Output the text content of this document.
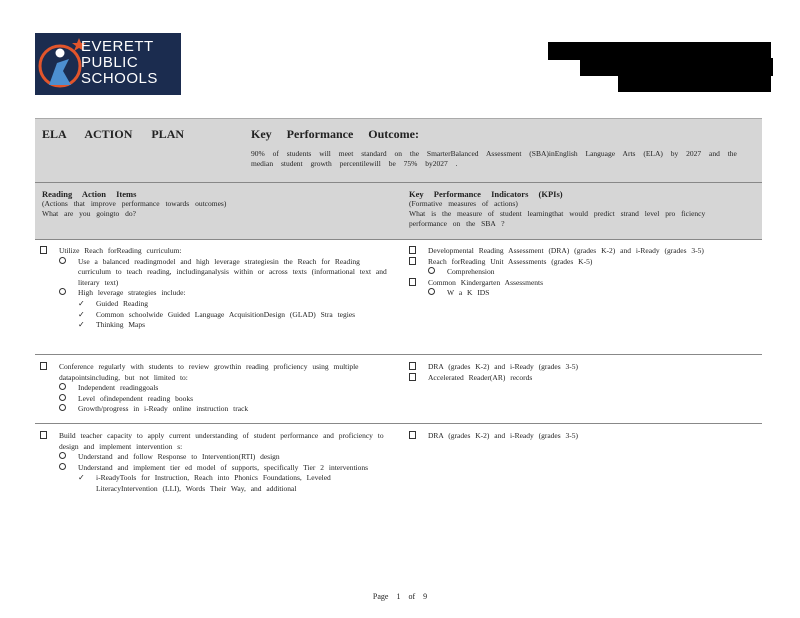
EVERETT
PUBLIC
SCHOOLS
ELA ACTION PLAN	Key Performance Outcome:
90% of students will meet standard on the SmarterBalanced Assessment (SBA)inEnglish Language Arts (ELA) by 2027 and the median student growth percentilewill be 75% by2027 .
Reading Action Items
(Actions that improve performance towards outcomes)
What are you goingto do?
Key Performance Indicators (KPIs)
(Formative measures of actions)
What is the measure of student learningthat would predict strand level pro ficiency performance on the SBA ?
Utilize Reach forReading curriculum:
Use a balanced readingmodel and high leverage strategiesin the Reach for Reading curriculum to teach reading, includinganalysis within or across texts (informational text and literary text)
High leverage strategies include:
✓ Guided Reading
✓ Common schoolwide Guided Language AcquisitionDesign (GLAD) Stra tegies
✓ Thinking Maps
Developmental Reading Assessment (DRA) (grades K-2) and i-Ready (grades 3-5)
Reach forReading Unit Assessments (grades K-5)
Comprehension
Common Kindergarten Assessments
W a K IDS
Conference regularly with students to review growthin reading proficiency using multiple datapointsincluding, but not limited to:
Independent readinggoals
Level ofindependent reading books
Growth/progress in i-Ready online instruction track
DRA (grades K-2) and i-Ready (grades 3-5)
Accelerated Reader(AR) records
Build teacher capacity to apply current understanding of student performance and proficiency to design and implement intervention s:
Understand and follow Response to Intervention(RTI) design
Understand and implement tier ed model of supports, specifically Tier 2 interventions
✓ i-ReadyTools for Instruction, Reach into Phonics Foundations, Leveled LiteracyIntervention (LLI), Words Their Way, and additional
DRA (grades K-2) and i-Ready (grades 3-5)
Page 1 of 9
